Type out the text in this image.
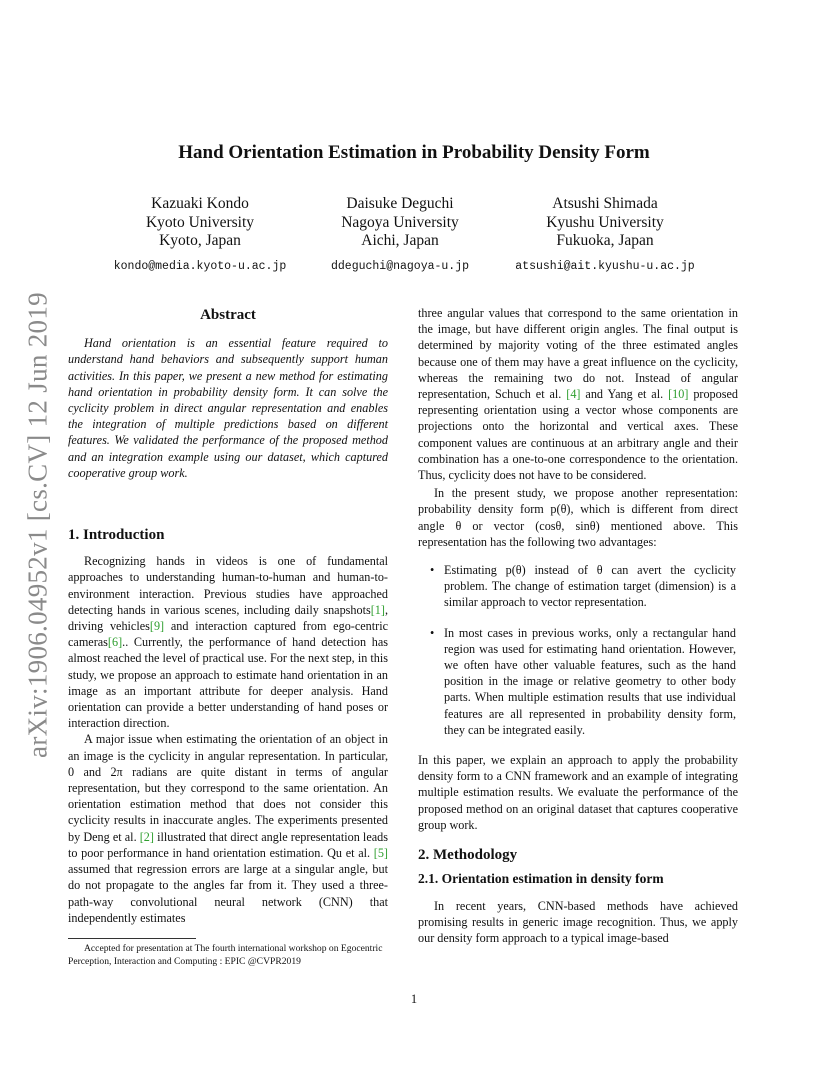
arXiv:1906.04952v1 [cs.CV] 12 Jun 2019
Hand Orientation Estimation in Probability Density Form
Kazuaki Kondo
Kyoto University
Kyoto, Japan
kondo@media.kyoto-u.ac.jp
Daisuke Deguchi
Nagoya University
Aichi, Japan
ddeguchi@nagoya-u.jp
Atsushi Shimada
Kyushu University
Fukuoka, Japan
atsushi@ait.kyushu-u.ac.jp
Abstract

Hand orientation is an essential feature required to understand hand behaviors and subsequently support human activities. In this paper, we present a new method for estimating hand orientation in probability density form. It can solve the cyclicity problem in direct angular representation and enables the integration of multiple predictions based on different features. We validated the performance of the proposed method and an integration example using our dataset, which captured cooperative group work.

1. Introduction

Recognizing hands in videos is one of fundamental approaches to understanding human-to-human and human-to-environment interaction. Previous studies have approached detecting hands in various scenes, including daily snapshots[1], driving vehicles[9] and interaction captured from ego-centric cameras[6].. Currently, the performance of hand detection has almost reached the level of practical use. For the next step, in this study, we propose an approach to estimate hand orientation in an image as an important attribute for deeper analysis. Hand orientation can provide a better understanding of hand poses or interaction direction.

A major issue when estimating the orientation of an object in an image is the cyclicity in angular representation. In particular, 0 and 2π radians are quite distant in terms of angular representation, but they correspond to the same orientation. An orientation estimation method that does not consider this cyclicity results in inaccurate angles. The experiments presented by Deng et al. [2] illustrated that direct angle representation leads to poor performance in hand orientation estimation. Qu et al. [5] assumed that regression errors are large at a singular angle, but do not propagate to the angles far from it. They used a three-path-way convolutional neural network (CNN) that independently estimates

three angular values that correspond to the same orientation in the image, but have different origin angles. The final output is determined by majority voting of the three estimated angles because one of them may have a great influence on the cyclicity, whereas the remaining two do not. Instead of angular representation, Schuch et al. [4] and Yang et al. [10] proposed representing orientation using a vector whose components are projections onto the horizontal and vertical axes. These component values are continuous at an arbitrary angle and their combination has a one-to-one correspondence to the orientation. Thus, cyclicity does not have to be considered.

In the present study, we propose another representation: probability density form p(θ), which is different from direct angle θ or vector (cosθ, sinθ) mentioned above. This representation has the following two advantages:

• Estimating p(θ) instead of θ can avert the cyclicity problem. The change of estimation target (dimension) is a similar approach to vector representation.
• In most cases in previous works, only a rectangular hand region was used for estimating hand orientation. However, we often have other valuable features, such as the hand position in the image or relative geometry to other body parts. When multiple estimation results that use individual features are all represented in probability density form, they can be integrated easily.

In this paper, we explain an approach to apply the probability density form to a CNN framework and an example of integrating multiple estimation results. We evaluate the performance of the proposed method on an original dataset that captures cooperative group work.

2. Methodology
2.1. Orientation estimation in density form

In recent years, CNN-based methods have achieved promising results in generic image recognition. Thus, we apply our density form approach to a typical image-based

Accepted for presentation at The fourth international workshop on Egocentric Perception, Interaction and Computing : EPIC @CVPR2019

1
